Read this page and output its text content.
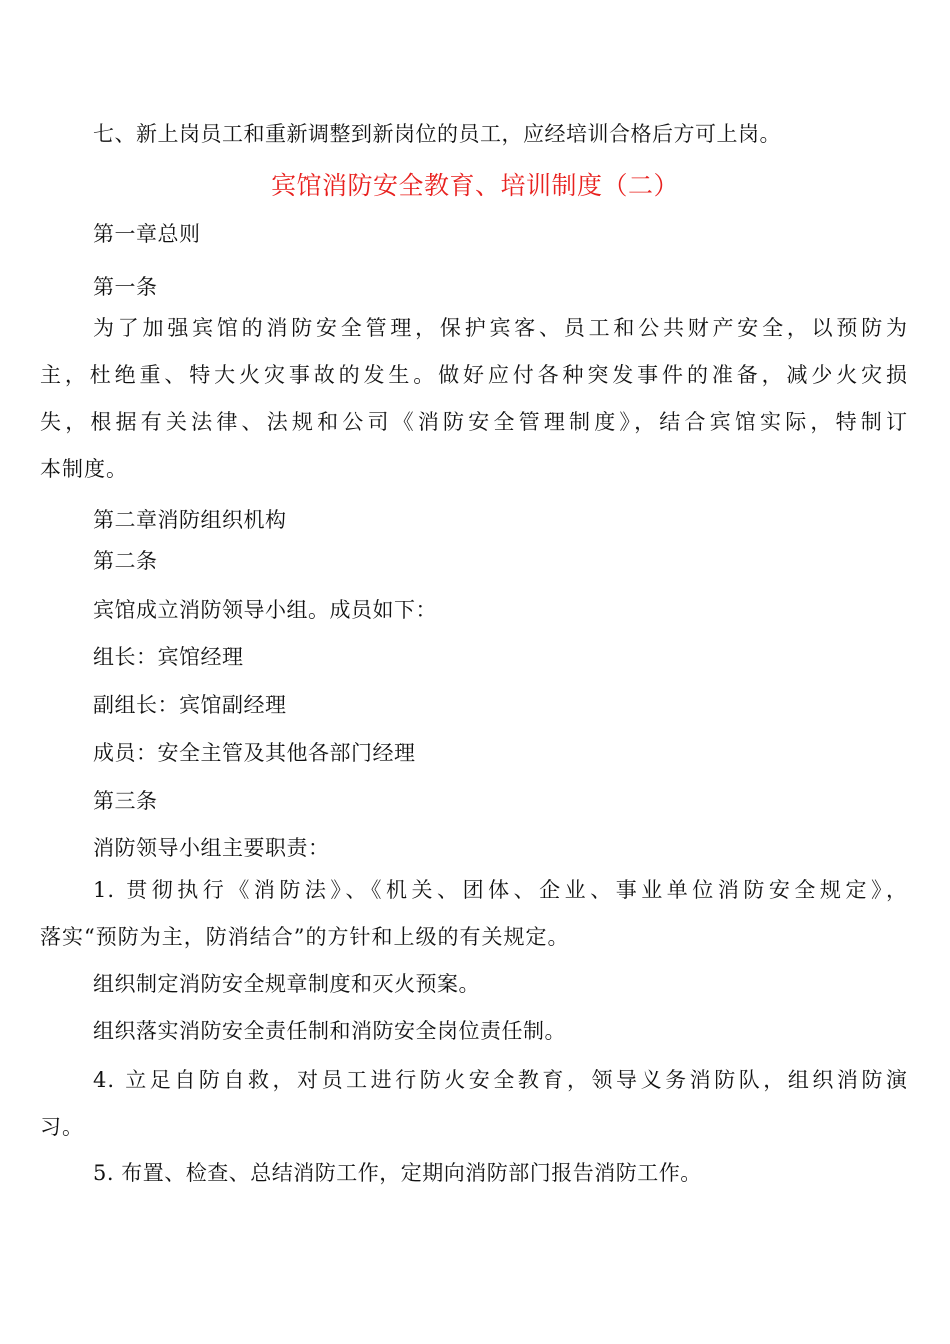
七、新上岗员工和重新调整到新岗位的员工，应经培训合格后方可上岗。
宾馆消防安全教育、培训制度（二）
第一章总则
第一条
为了加强宾馆的消防安全管理，保护宾客、员工和公共财产安全，以预防为
主，杜绝重、特大火灾事故的发生。做好应付各种突发事件的准备，减少火灾损
失，根据有关法律、法规和公司《消防安全管理制度》，结合宾馆实际，特制订
本制度。
第二章消防组织机构
第二条
宾馆成立消防领导小组。成员如下：
组长：宾馆经理
副组长：宾馆副经理
成员：安全主管及其他各部门经理
第三条
消防领导小组主要职责：
1. 贯彻执行《消防法》、《机关、团体、企业、事业单位消防安全规定》，
落实“预防为主，防消结合”的方针和上级的有关规定。
组织制定消防安全规章制度和灭火预案。
组织落实消防安全责任制和消防安全岗位责任制。
4. 立足自防自救，对员工进行防火安全教育，领导义务消防队，组织消防演
习。
5. 布置、检查、总结消防工作，定期向消防部门报告消防工作。
